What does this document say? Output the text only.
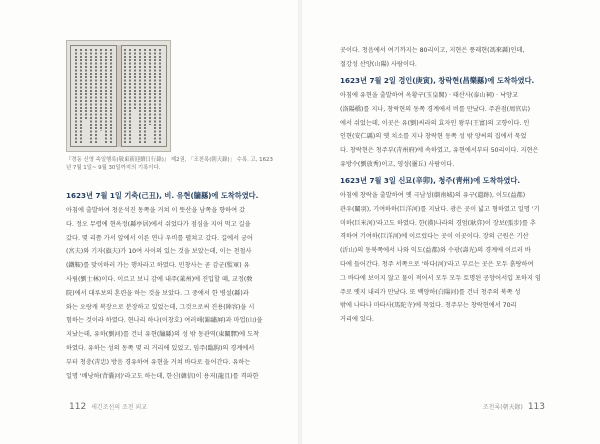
『경동 신영 속일행록(敬東新迎續日行錄)』 제2권, 「조천록(朝天錄)」 수록. 고, 1623년 7월 1일~ 9월 30일까지의 기록이다.
1623년 7월 1일 기축(己丑), 비. 유현(牖縣)에 도착하였다.
아침에 출발하여 청운석진 동쪽을 거쳐 이 뜻산을 남쪽을 향하여 갔
다. 정오 무렵에 현옥정(縣亭居)에서 쉬었다가 점심을 지어 먹고 길을
갔다. 몇 리쯤 가서 앞에서 이른 연나 우비를 펼쳐고 갔다. 길에서 궁어
(宮夫)와 기자(旗夫)가 10여 사이의 있는 것을 보았는데, 이는 천철사
(鐵鞍)를 맞이하러 가는 행차라고 하였다. 민창사는 곧 감군(監軍) 유
사림(劉士林)이다. 이르고 보니 감에 내주(萊州)에 진입할 때, 교정(敎
院)에서 대루보의 혼련을 하는 것을 보았다. 그 중에서 한 병설(縣)과
와는 오랑캐 복장으로 분장하고 있었는데, 그것으로써 진용(陣容)을 시
험하는 것이라 하였다. 현나리 하나(이창호) 여러해(錦繡屛)과 마업(山)을
지났는데, 유하(劉河)를 건너 유현(牖縣)의 성 밖 동관역(東關驛)에 도착
하였다. 유하는 성의 동쪽 몇 리 거리에 있었고, 임주(臨朐)의 경계에서
부터 청충(靑忠) 방음 경유하여 유현을 거쳐 바다로 들어간다. 유하는
일명 '배낭하(背囊河)'라고도 하는데, 한신(韓信)이 용저(龍且)를 격파한
112 새긴조선의 조천 외교
곳이다. 청음에서 여기까지는 80리이고, 지현은 풍래현(馮來縣)인데,
절강성 산양(山陽) 사람이다.
1623년 7월 2일 경인(庚寅), 창락현(昌樂縣)에 도착하였다.
아침에 유현을 출발하여 옥황구(玉皇閣) · 태산사(泰山祠) · 낙양교
(洛陽橋)를 지나, 창락현의 동쪽 경계에서 비를 만났다. 주관점(周官店)
에서 쉬었는데, 이곳은 유(劉)씨라의 효자인 왕부(王富)의 고향이다. 인
인현(安仁縣)의 옛 치소를 지나 창락현 동쪽 성 밖 양씨의 집에서 묵었
다. 창락현은 청주부(靑州府)에 속하였고, 유현에서부터 50리이다. 지현은
유방수(劉放秀)이고, 영성(靈丘) 사람이다.
1623년 7월 3일 신묘(辛卯), 청주(靑州)에 도착하였다.
아침에 창락을 출발하여 옛 극남성(劇南城)의 유구(遺跡), 이도(益都)
관우(關羽), 기여하하(巨洋河)를 지났다. 광은 곳이 넓고 형하였고 일명 '기
미하(巨米河)'라고도 하였다. 한(漢)나라의 경엄(耿弇)이 장보(張步)를 추
격하여 기여하(巨洋河)에 이르렀다는 곳이 이곳이다. 장의 근원은 기산
(沂山)의 동북쪽에서 나와 익도(益都)와 수광(壽光)의 경계에 이르러 바
다에 들어간다. 청주 서쪽으로 '하다(河)'라고 부르는 곳은 모두 흙탕하여
그 바다에 보이지 않고 물이 적어서 모두 모두 토명된 공양어서입 포하지 임
주로 옛지 내리가 만났다. 또 백양하(白陽河)를 건너 청주의 북쪽 성
밖에 나타나 마타사(馬陀寺)에 묵었다. 청주부는 창락현에서 70리
거리에 있다.
조천록(朝天錄) 113
